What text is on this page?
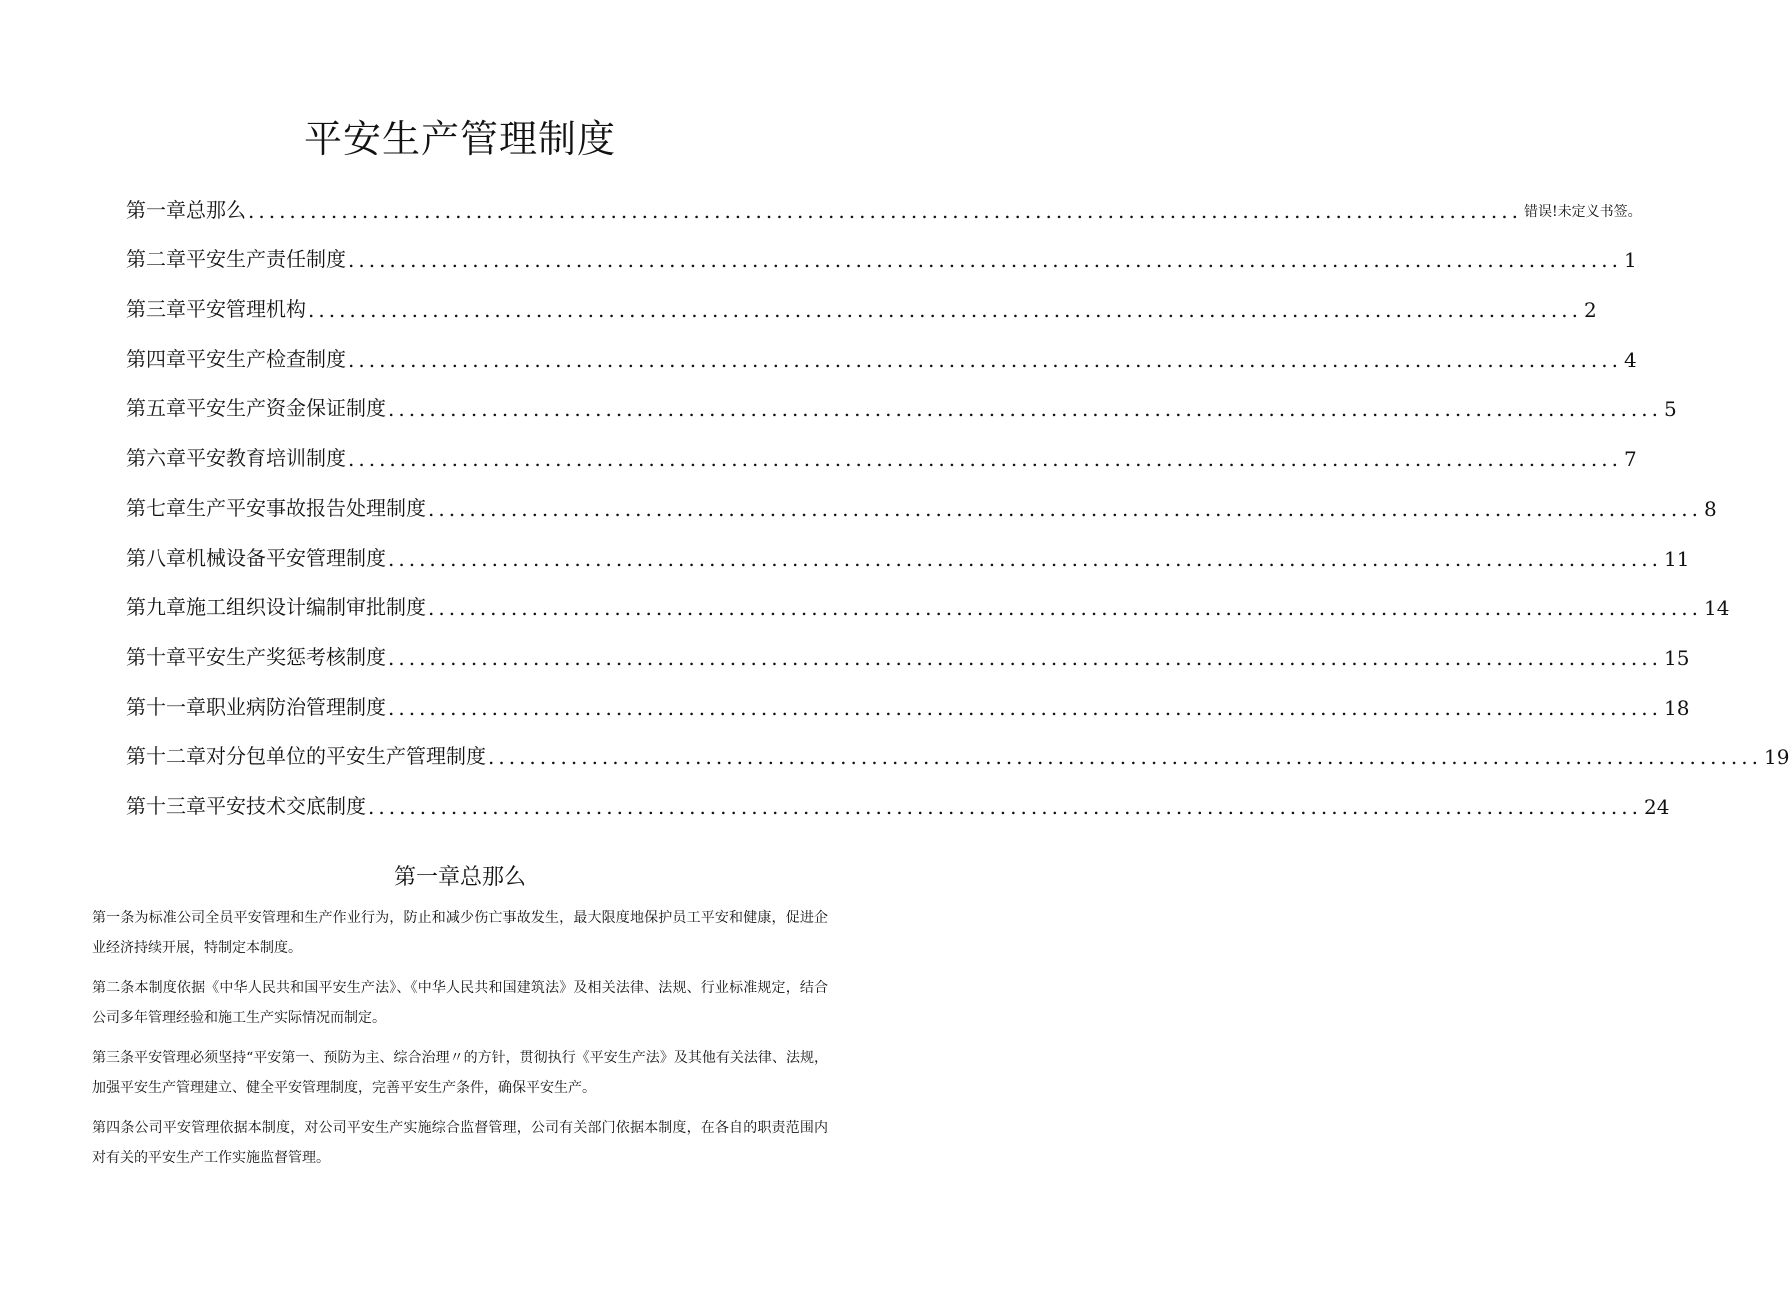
平安生产管理制度
第一章总那么 ........................................................................................................................... 错误!未定义书签。
第二章平安生产责任制度 ........................................................................................................................... 1
第三章平安管理机构 ........................................................................................................................... 2
第四章平安生产检查制度 ........................................................................................................................... 4
第五章平安生产资金保证制度 ........................................................................................................................... 5
第六章平安教育培训制度 ........................................................................................................................... 7
第七章生产平安事故报告处理制度 ........................................................................................................................... 8
第八章机械设备平安管理制度 ........................................................................................................................... 11
第九章施工组织设计编制审批制度 ........................................................................................................................... 14
第十章平安生产奖惩考核制度 ........................................................................................................................... 15
第十一章职业病防治管理制度 ........................................................................................................................... 18
第十二章对分包单位的平安生产管理制度 ........................................................................................................................... 19
第十三章平安技术交底制度 ........................................................................................................................... 24
第一章总那么

第一条为标准公司全员平安管理和生产作业行为，防止和减少伤亡事故发生，最大限度地保护员工平安和健康，促进企业经济持续开展，特制定本制度。

第二条本制度依据《中华人民共和国平安生产法》、《中华人民共和国建筑法》及相关法律、法规、行业标准规定，结合公司多年管理经验和施工生产实际情况而制定。

第三条平安管理必须坚持“平安第一、预防为主、综合治理〃的方针，贯彻执行《平安生产法》及其他有关法律、法规，加强平安生产管理建立、健全平安管理制度，完善平安生产条件，确保平安生产。

第四条公司平安管理依据本制度，对公司平安生产实施综合监督管理，公司有关部门依据本制度，在各自的职责范围内对有关的平安生产工作实施监督管理。
